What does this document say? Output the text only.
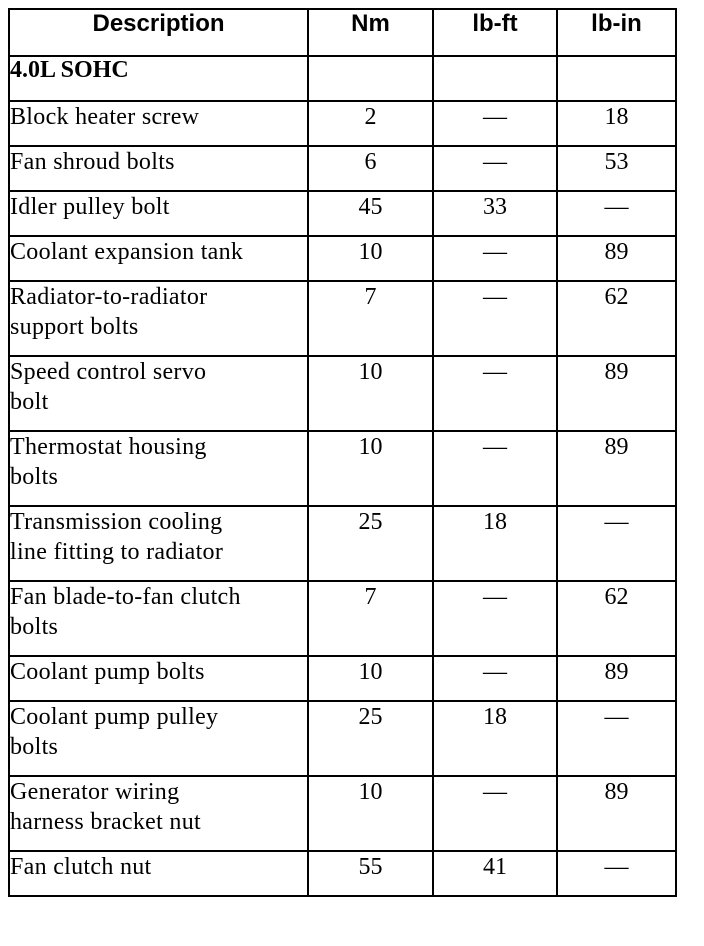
Description	Nm	lb-ft	lb-in
4.0L SOHC			
Block heater screw	2	—	18
Fan shroud bolts	6	—	53
Idler pulley bolt	45	33	—
Coolant expansion tank	10	—	89
Radiator-to-radiator
support bolts	7	—	62
Speed control servo
bolt	10	—	89
Thermostat housing
bolts	10	—	89
Transmission cooling
line fitting to radiator	25	18	—
Fan blade-to-fan clutch
bolts	7	—	62
Coolant pump bolts	10	—	89
Coolant pump pulley
bolts	25	18	—
Generator wiring
harness bracket nut	10	—	89
Fan clutch nut	55	41	—
